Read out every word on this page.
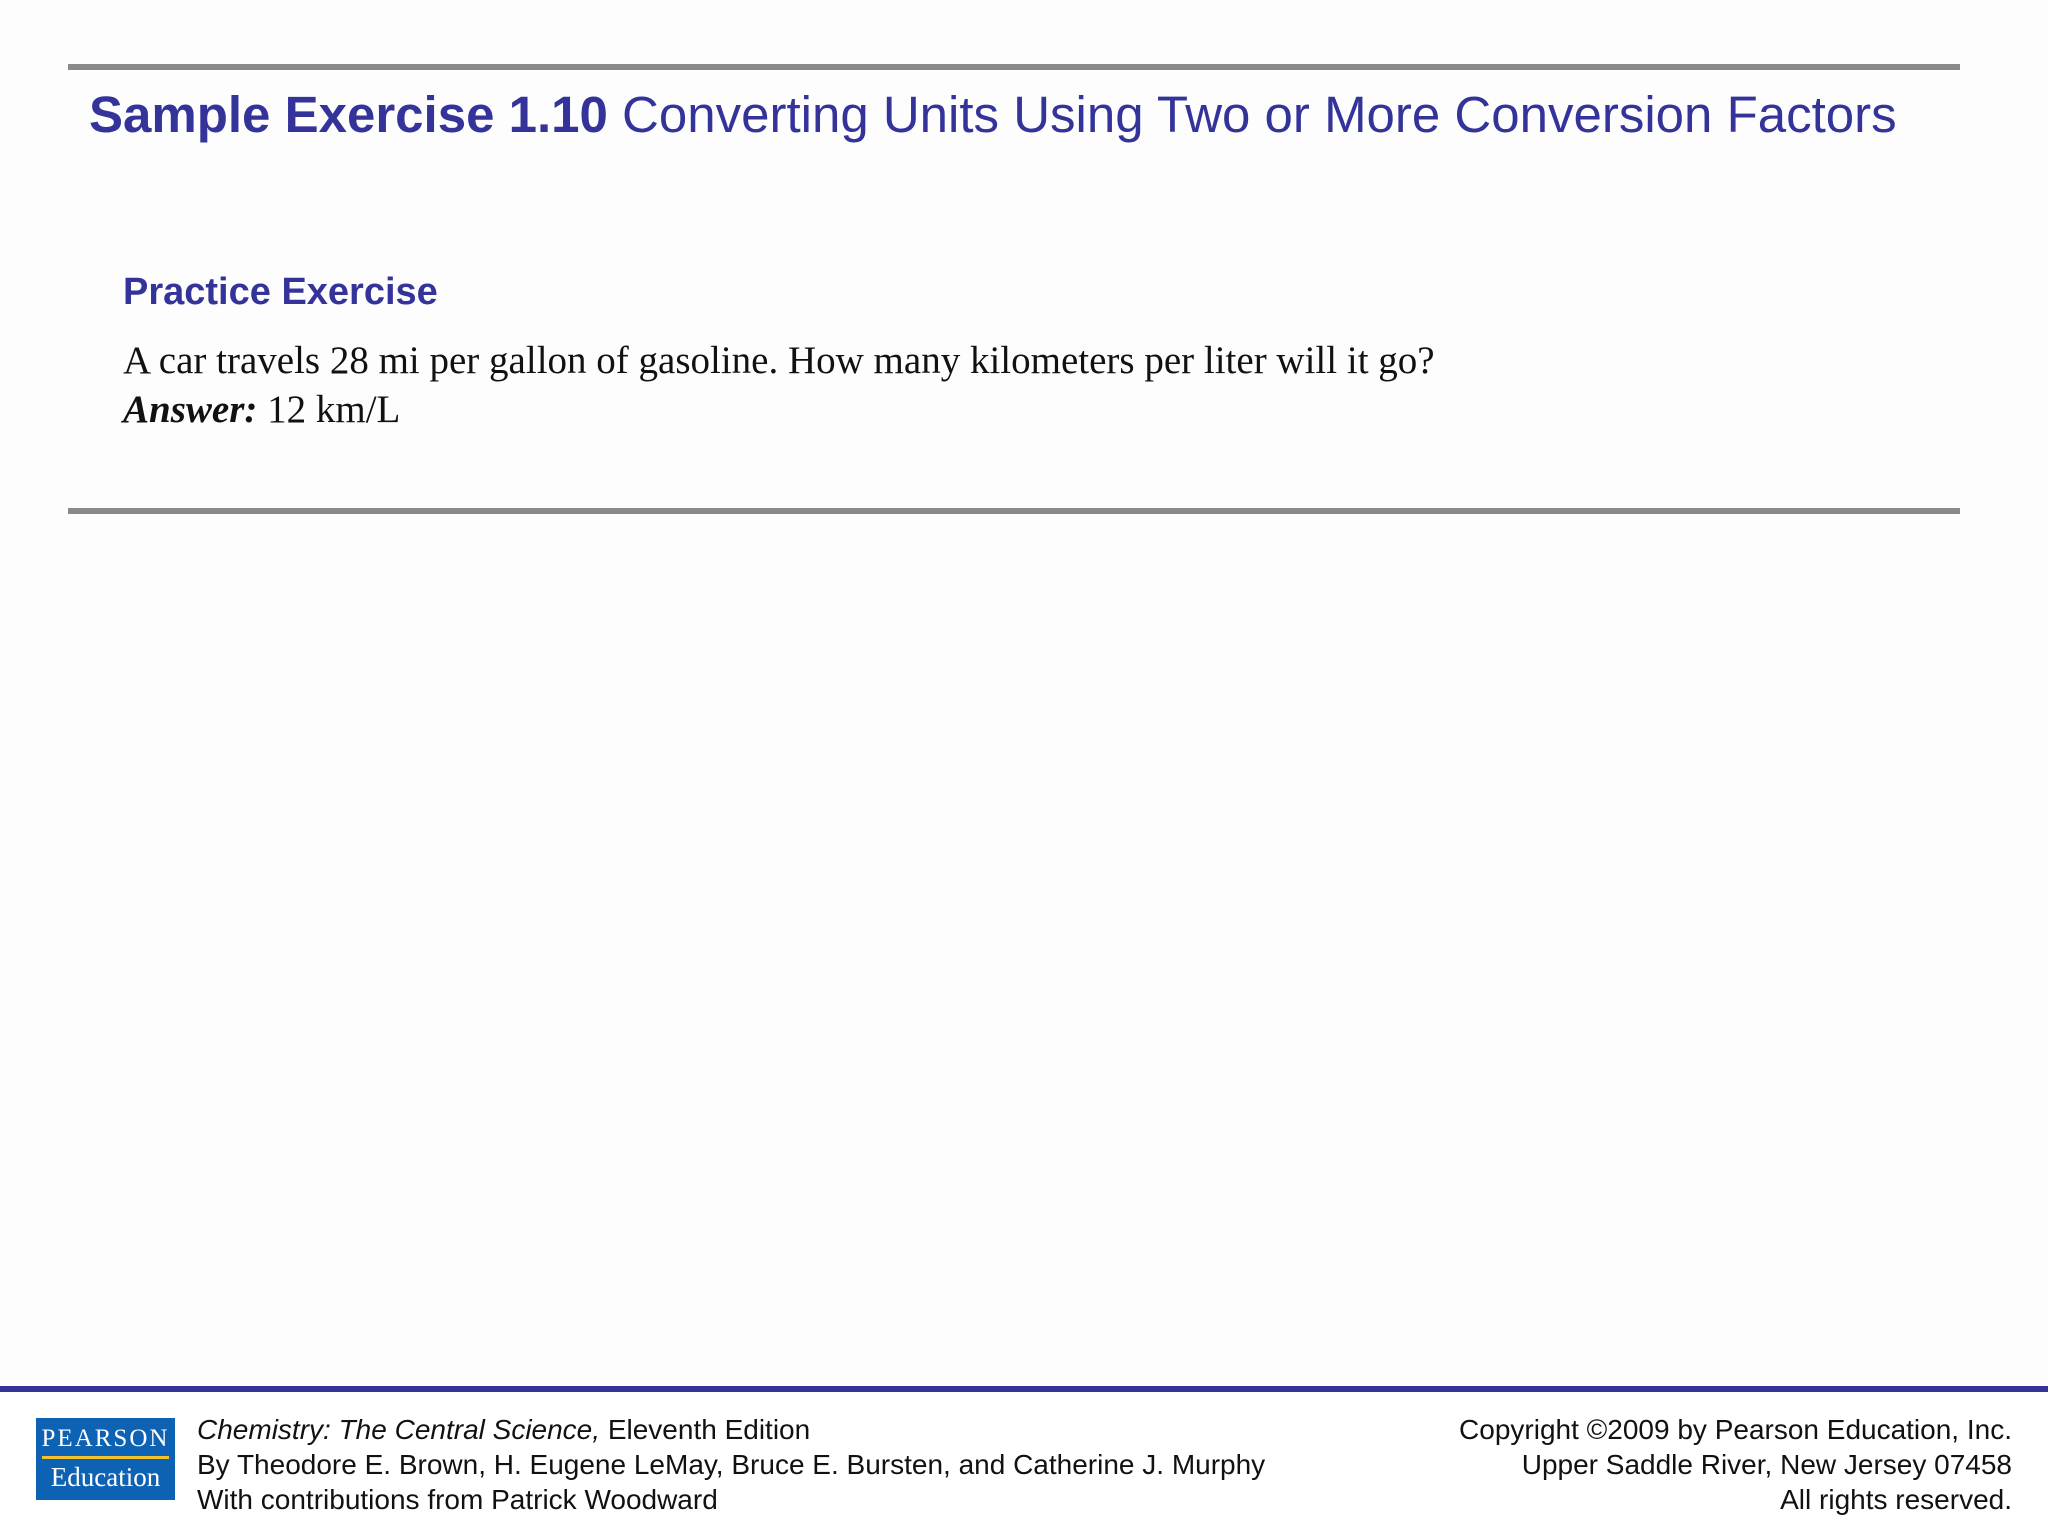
Sample Exercise 1.10 Converting Units Using Two or More Conversion Factors
Practice Exercise
A car travels 28 mi per gallon of gasoline. How many kilometers per liter will it go?
Answer: 12 km/L
PEARSON
Education
Chemistry: The Central Science, Eleventh Edition
By Theodore E. Brown, H. Eugene LeMay, Bruce E. Bursten, and Catherine J. Murphy
With contributions from Patrick Woodward
Copyright ©2009 by Pearson Education, Inc.
Upper Saddle River, New Jersey 07458
All rights reserved.
